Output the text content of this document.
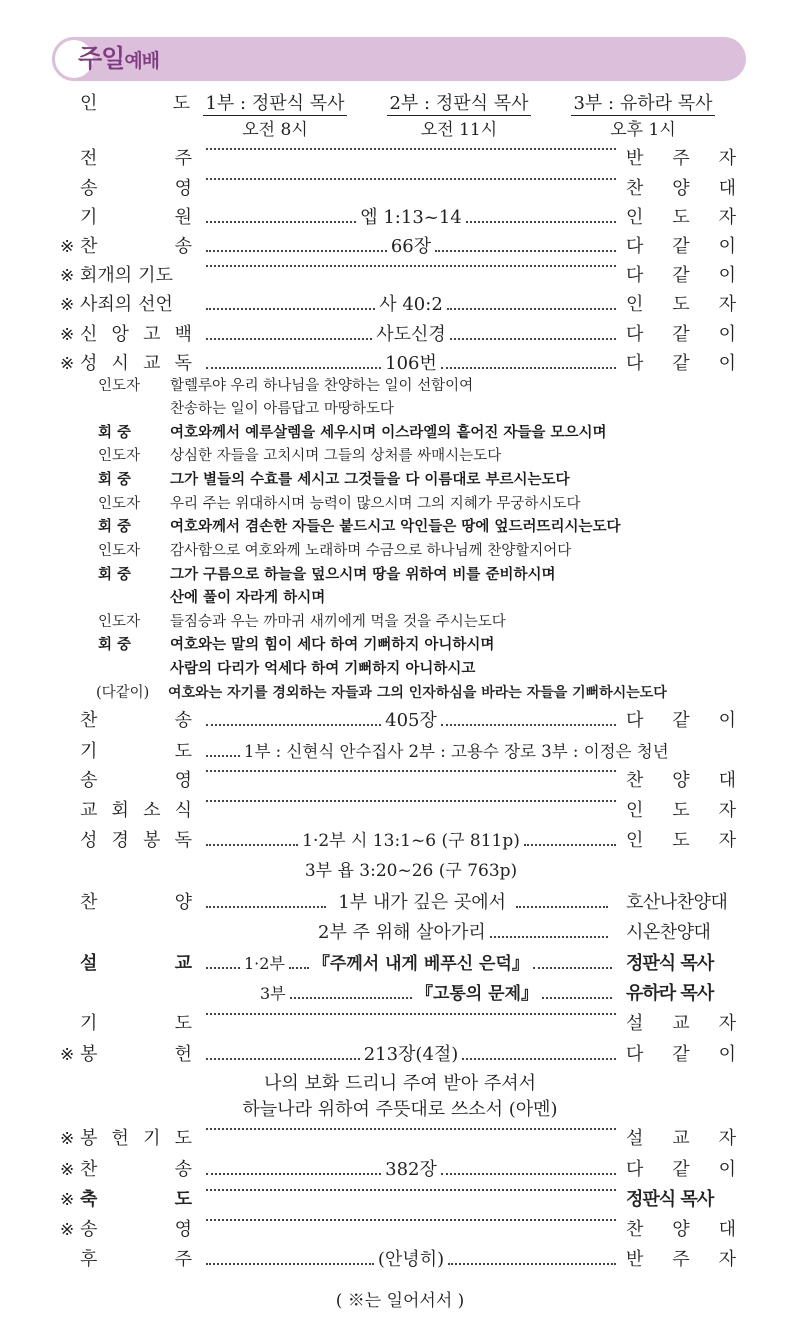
주일예배
인	도 1부 : 정판식 목사	2부 : 정판식 목사	3부 : 유하라 목사
오전 8시	오전 11시	오후 1시
전	주	반 주 자
송	영	찬 양 대
기	원	엡 1:13~14	인 도 자
※ 찬	송	66장	다 같 이
※ 회개의 기도	다 같 이
※ 사죄의 선언	사 40:2	인 도 자
※ 신 앙 고 백	사도신경	다 같 이
※ 성 시 교 독	106번	다 같 이
인도자	할렐루야 우리 하나님을 찬양하는 일이 선함이여
찬송하는 일이 아름답고 마땅하도다
회 중	여호와께서 예루살렘을 세우시며 이스라엘의 흩어진 자들을 모으시며
인도자	상심한 자들을 고치시며 그들의 상처를 싸매시는도다
회 중	그가 별들의 수효를 세시고 그것들을 다 이름대로 부르시는도다
인도자	우리 주는 위대하시며 능력이 많으시며 그의 지혜가 무궁하시도다
회 중	여호와께서 겸손한 자들은 붙드시고 악인들은 땅에 엎드러뜨리시는도다
인도자	감사함으로 여호와께 노래하며 수금으로 하나님께 찬양할지어다
회 중	그가 구름으로 하늘을 덮으시며 땅을 위하여 비를 준비하시며
산에 풀이 자라게 하시며
인도자	들짐승과 우는 까마귀 새끼에게 먹을 것을 주시는도다
회 중	여호와는 말의 힘이 세다 하여 기뻐하지 아니하시며
사람의 다리가 억세다 하여 기뻐하지 아니하시고
(다같이) 여호와는 자기를 경외하는 자들과 그의 인자하심을 바라는 자들을 기뻐하시는도다
찬	송	405장	다 같 이
기	도	1부 : 신현식 안수집사 2부 : 고용수 장로 3부 : 이정은 청년
송	영	찬 양 대
교 회 소 식	인 도 자
성 경 봉 독	1·2부 시 13:1~6 (구 811p)	인 도 자
3부 욥 3:20~26 (구 763p)
찬	양	1부 내가 깊은 곳에서	호산나찬양대
2부 주 위해 살아가리	시온찬양대
설	교	1·2부 『주께서 내게 베푸신 은덕』	정판식 목사
3부	『고통의 문제』	유하라 목사
기	도	설 교 자
※ 봉	헌	213장(4절)	다 같 이
나의 보화 드리니 주여 받아 주셔서
하늘나라 위하여 주뜻대로 쓰소서 (아멘)
※ 봉 헌 기 도	설 교 자
※ 찬	송	382장	다 같 이
※ 축	도	정판식 목사
※ 송	영	찬 양 대
후	주	(안녕히)	반 주 자
( ※는 일어서서 )
